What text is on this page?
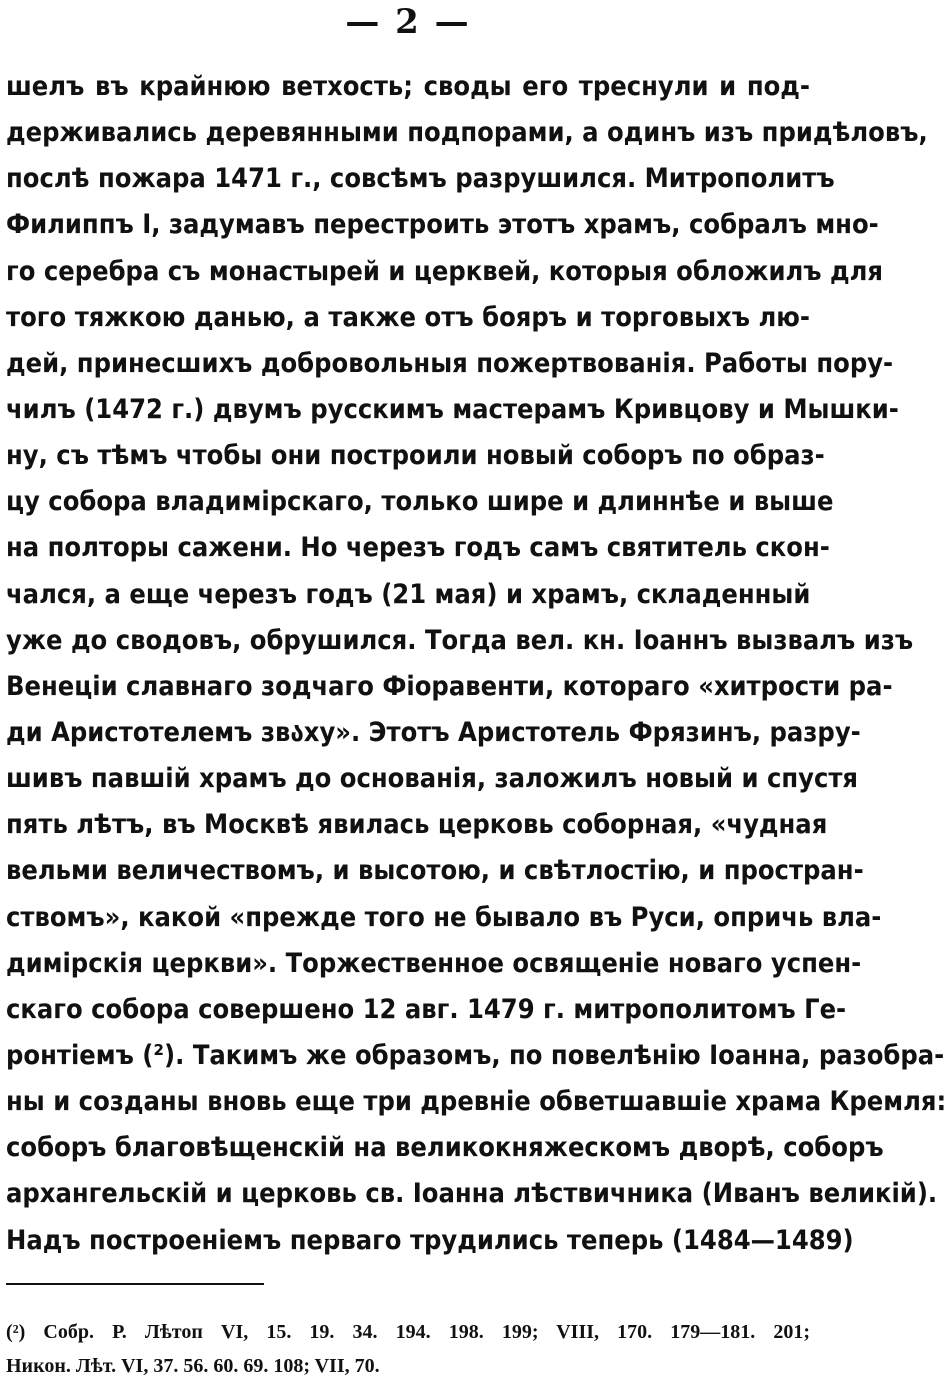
— 2 —
шелъ въ крайнюю ветхость; своды его треснули и под-
держивались деревянными подпорами, а одинъ изъ придѣловъ,
послѣ пожара 1471 г., совсѣмъ разрушился. Митрополитъ
Филиппъ I, задумавъ перестроить этотъ храмъ, собралъ мно-
го серебра съ монастырей и церквей, которыя обложилъ для
того тяжкою данью, а также отъ бояръ и торговыхъ лю-
дей, принесшихъ добровольныя пожертвованія. Работы пору-
чилъ (1472 г.) двумъ русскимъ мастерамъ Кривцову и Мышки-
ну, съ тѣмъ чтобы они построили новый соборъ по образ-
цу собора владимірскаго, только шире и длиннѣе и выше
на полторы сажени. Но черезъ годъ самъ святитель скон-
чался, а еще черезъ годъ (21 мая) и храмъ, складенный
уже до сводовъ, обрушился. Тогда вел. кн. Іоаннъ вызвалъ изъ
Венеціи славнаго зодчаго Фіоравенти, котораго «хитрости ра-
ди Аристотелемъ звაху». Этотъ Аристотель Фрязинъ, разру-
шивъ павшій храмъ до основанія, заложилъ новый и спустя
пять лѣтъ, въ Москвѣ явилась церковь соборная, «чудная
вельми величествомъ, и высотою, и свѣтлостію, и простран-
ствомъ», какой «прежде того не бывало въ Руси, опричь вла-
димірскія церкви». Торжественное освященіе новаго успен-
скаго собора совершено 12 авг. 1479 г. митрополитомъ Ге-
ронтіемъ (²). Такимъ же образомъ, по повелѣнію Іоанна, разобра-
ны и созданы вновь еще три древніе обветшавшіе храма Кремля:
соборъ благовѣщенскій на великокняжескомъ дворѣ, соборъ
архангельскій и церковь св. Іоанна лѣствичника (Иванъ великій).
Надъ построеніемъ перваго трудились теперь (1484—1489)
(²) Собр. Р. Лѣтоп VI, 15. 19. 34. 194. 198. 199; VIII, 170. 179—181. 201;
Никон. Лѣт. VI, 37. 56. 60. 69. 108; VII, 70.
